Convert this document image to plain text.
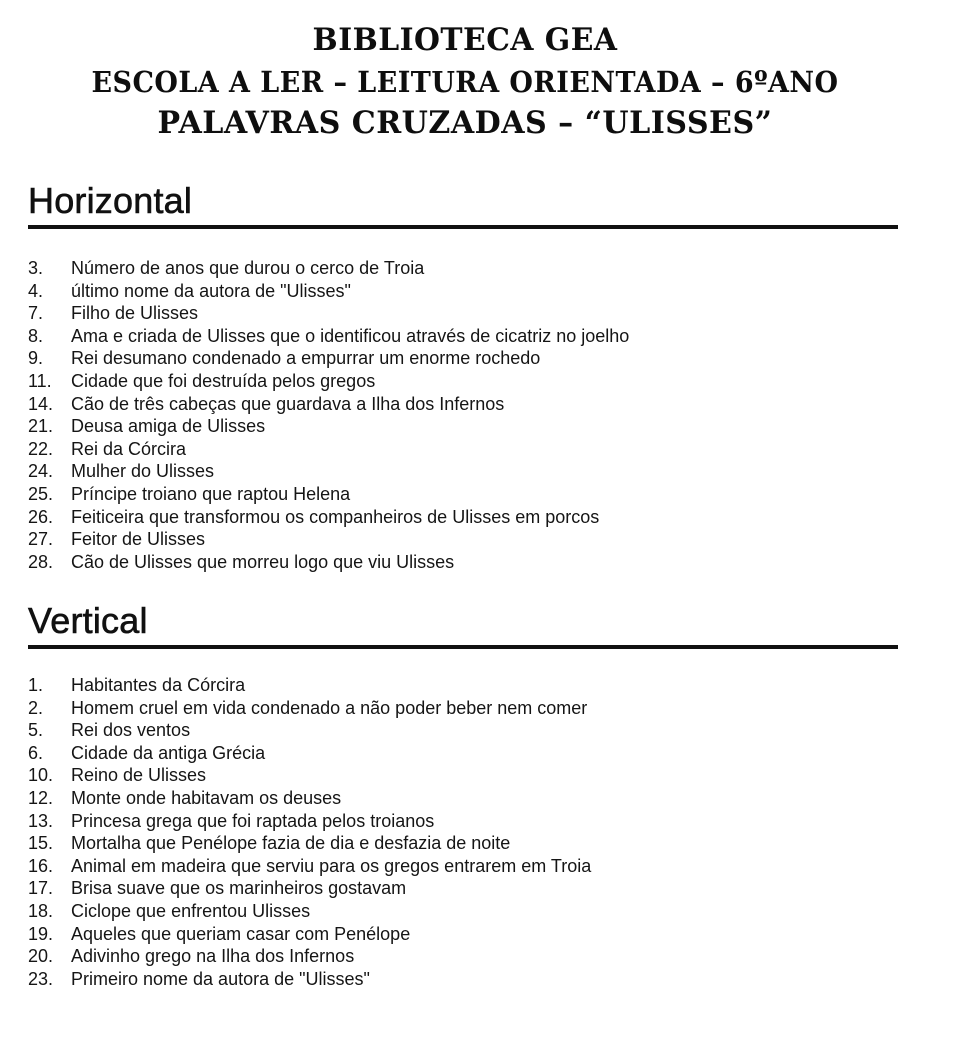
BIBLIOTECA GEA
ESCOLA A LER – LEITURA ORIENTADA – 6ºANO
PALAVRAS CRUZADAS – “ULISSES”
Horizontal
3.	Número de anos que durou o cerco de Troia
4.	último nome da autora de "Ulisses"
7.	Filho de Ulisses
8.	Ama e criada de Ulisses que o identificou através de cicatriz no joelho
9.	Rei desumano condenado a empurrar um enorme rochedo
11.	Cidade que foi destruída pelos gregos
14. Cão de três cabeças que guardava a Ilha dos Infernos
21. Deusa amiga de Ulisses
22. Rei da Córcira
24. Mulher do Ulisses
25. Príncipe troiano que raptou Helena
26. Feiticeira que transformou os companheiros de Ulisses em porcos
27. Feitor de Ulisses
28. Cão de Ulisses que morreu logo que viu Ulisses
Vertical
1.	Habitantes da Córcira
2.	Homem cruel em vida condenado a não poder beber nem comer
5.	Rei dos ventos
6.	Cidade da antiga Grécia
10. Reino de Ulisses
12. Monte onde habitavam os deuses
13. Princesa grega que foi raptada pelos troianos
15. Mortalha que Penélope fazia de dia e desfazia de noite
16. Animal em madeira que serviu para os gregos entrarem em Troia
17. Brisa suave que os marinheiros gostavam
18. Ciclope que enfrentou Ulisses
19. Aqueles que queriam casar com Penélope
20. Adivinho grego na Ilha dos Infernos
23. Primeiro nome da autora de "Ulisses"
